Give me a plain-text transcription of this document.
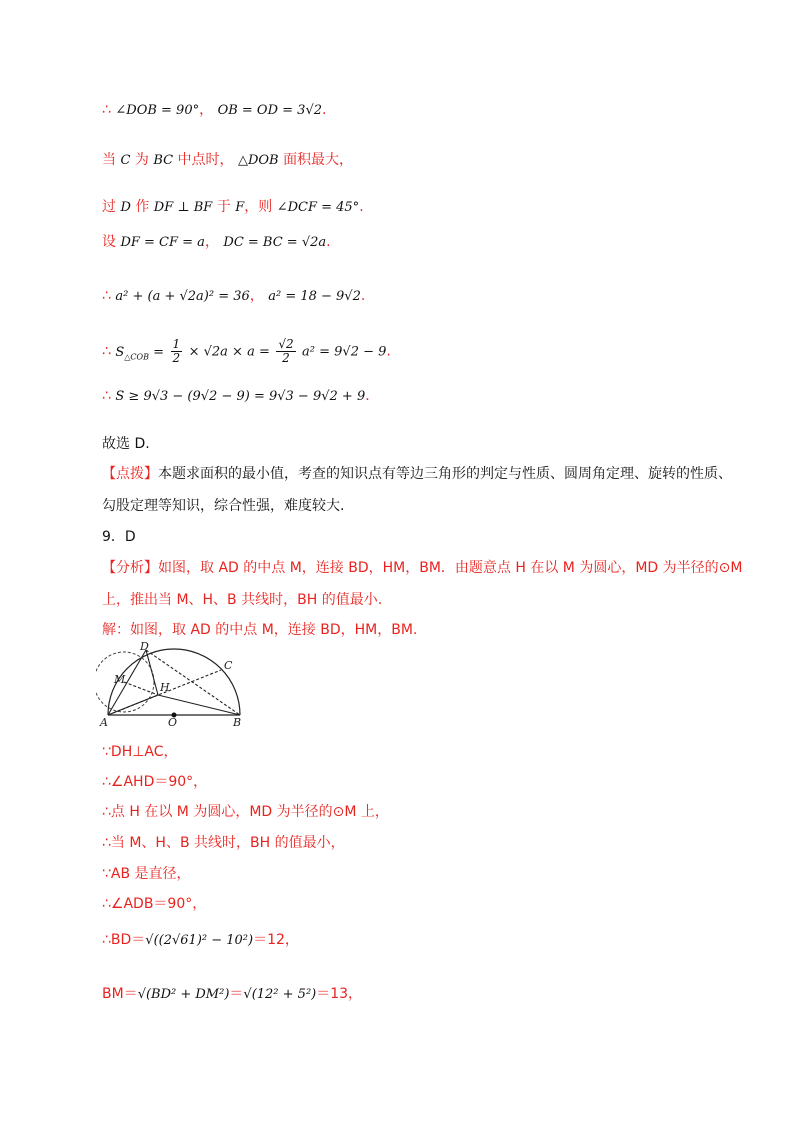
∴ ∠DOB = 90°， OB = OD = 3√2.
当 C 为 BC 中点时， △DOB 面积最大，
过 D 作 DF ⊥ BF 于 F，则 ∠DCF = 45°.
设 DF = CF = a， DC = BC = √2a.
∴ a² + (a + √2a)² = 36， a² = 18 − 9√2.
∴ $S_{\triangle COB} = \frac{1}{2} \times √2a \times a = \frac{√2}{2} a^2 = 9√2 - 9$.
∴ S ≥ 9√3 − (9√2 − 9) = 9√3 − 9√2 + 9.
故选 D.
【点拨】本题求面积的最小值，考查的知识点有等边三角形的判定与性质、圆周角定理、旋转的性质、
勾股定理等知识，综合性强，难度较大.
9．D
【分析】如图，取 AD 的中点 M，连接 BD，HM，BM．由题意点 H 在以 M 为圆心，MD 为半径的⊙M
上，推出当 M、H、B 共线时，BH 的值最小.
解：如图，取 AD 的中点 M，连接 BD，HM，BM.
D
C
M
H
A	O	B
∵DH⊥AC，
∴∠AHD＝90°，
∴点 H 在以 M 为圆心，MD 为半径的⊙M 上，
∴当 M、H、B 共线时，BH 的值最小，
∵AB 是直径，
∴∠ADB＝90°，
∴BD＝√((2√61)² − 10²)＝12，
BM＝√(BD² + DM²)＝√(12² + 5²)＝13，
